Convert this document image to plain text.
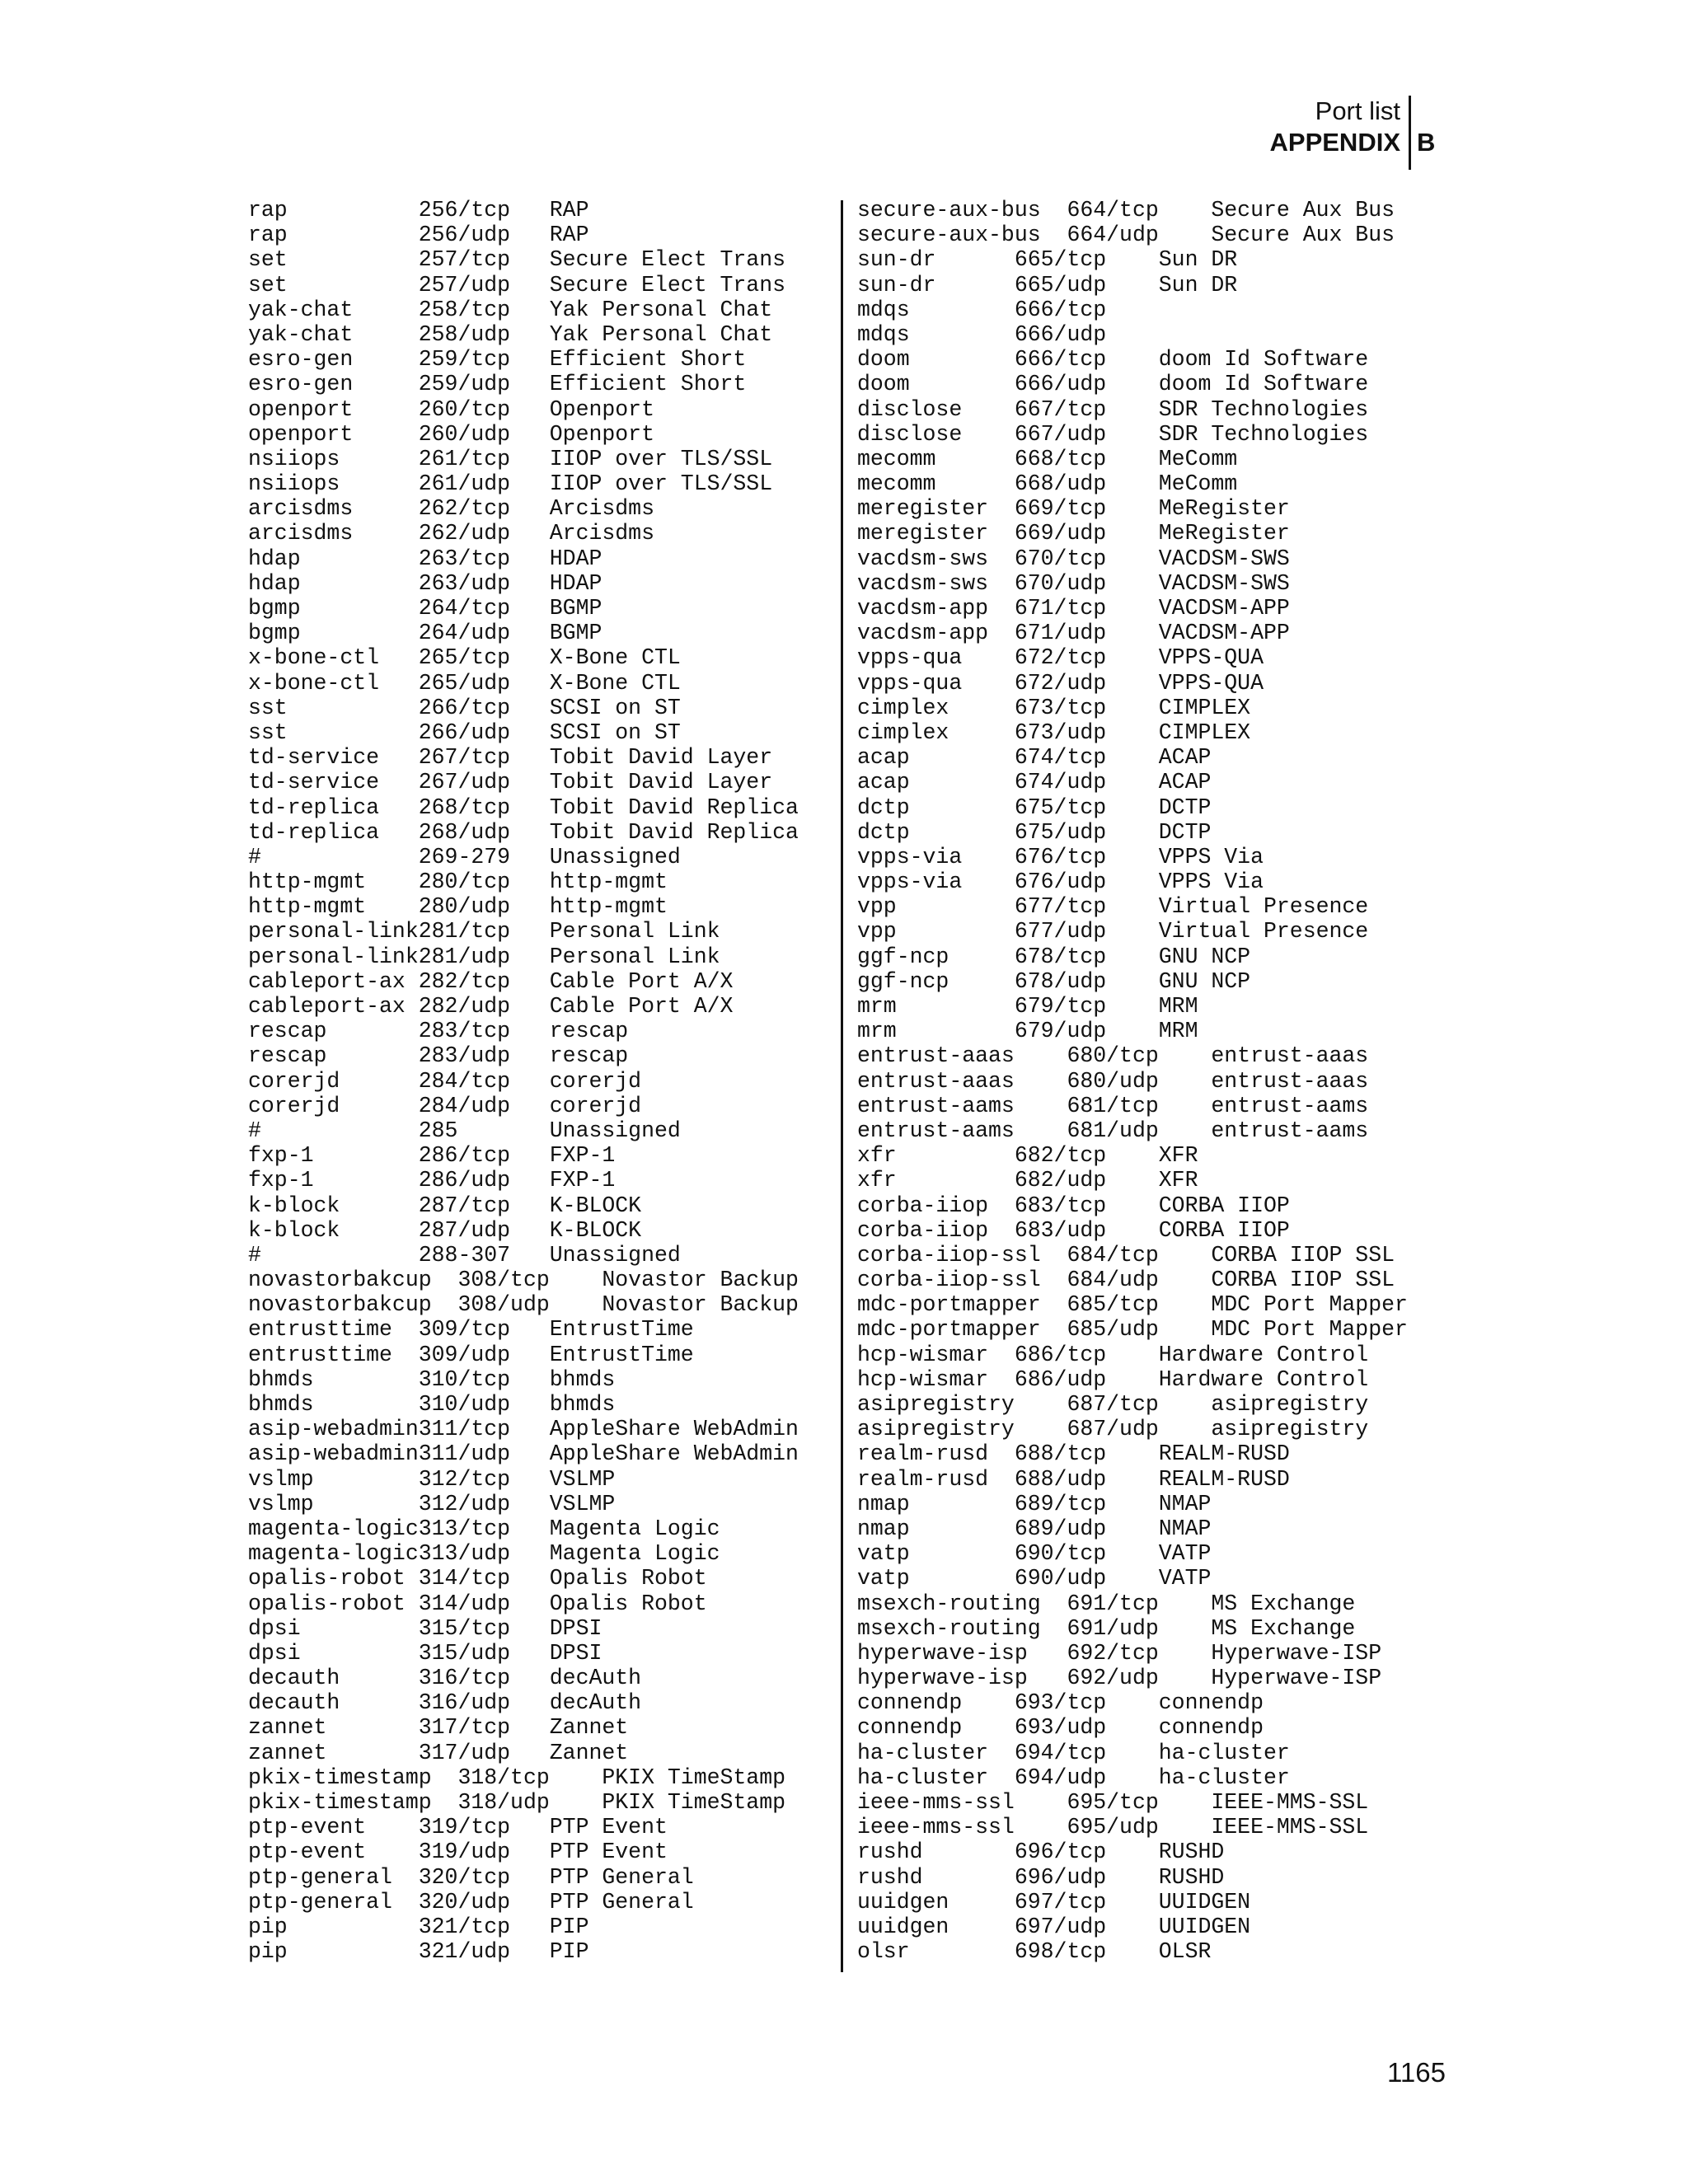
Port list
APPENDIX B
rap          256/tcp   RAP
rap          256/udp   RAP
set          257/tcp   Secure Elect Trans
set          257/udp   Secure Elect Trans
yak-chat     258/tcp   Yak Personal Chat
yak-chat     258/udp   Yak Personal Chat
esro-gen     259/tcp   Efficient Short
esro-gen     259/udp   Efficient Short
openport     260/tcp   Openport
openport     260/udp   Openport
nsiiops      261/tcp   IIOP over TLS/SSL
nsiiops      261/udp   IIOP over TLS/SSL
arcisdms     262/tcp   Arcisdms
arcisdms     262/udp   Arcisdms
hdap         263/tcp   HDAP
hdap         263/udp   HDAP
bgmp         264/tcp   BGMP
bgmp         264/udp   BGMP
x-bone-ctl   265/tcp   X-Bone CTL
x-bone-ctl   265/udp   X-Bone CTL
sst          266/tcp   SCSI on ST
sst          266/udp   SCSI on ST
td-service   267/tcp   Tobit David Layer
td-service   267/udp   Tobit David Layer
td-replica   268/tcp   Tobit David Replica
td-replica   268/udp   Tobit David Replica
#            269-279   Unassigned
http-mgmt    280/tcp   http-mgmt
http-mgmt    280/udp   http-mgmt
personal-link281/tcp   Personal Link
personal-link281/udp   Personal Link
cableport-ax 282/tcp   Cable Port A/X
cableport-ax 282/udp   Cable Port A/X
rescap       283/tcp   rescap
rescap       283/udp   rescap
corerjd      284/tcp   corerjd
corerjd      284/udp   corerjd
#            285       Unassigned
fxp-1        286/tcp   FXP-1
fxp-1        286/udp   FXP-1
k-block      287/tcp   K-BLOCK
k-block      287/udp   K-BLOCK
#            288-307   Unassigned
novastorbakcup  308/tcp    Novastor Backup
novastorbakcup  308/udp    Novastor Backup
entrusttime  309/tcp   EntrustTime
entrusttime  309/udp   EntrustTime
bhmds        310/tcp   bhmds
bhmds        310/udp   bhmds
asip-webadmin311/tcp   AppleShare WebAdmin
asip-webadmin311/udp   AppleShare WebAdmin
vslmp        312/tcp   VSLMP
vslmp        312/udp   VSLMP
magenta-logic313/tcp   Magenta Logic
magenta-logic313/udp   Magenta Logic
opalis-robot 314/tcp   Opalis Robot
opalis-robot 314/udp   Opalis Robot
dpsi         315/tcp   DPSI
dpsi         315/udp   DPSI
decauth      316/tcp   decAuth
decauth      316/udp   decAuth
zannet       317/tcp   Zannet
zannet       317/udp   Zannet
pkix-timestamp  318/tcp    PKIX TimeStamp
pkix-timestamp  318/udp    PKIX TimeStamp
ptp-event    319/tcp   PTP Event
ptp-event    319/udp   PTP Event
ptp-general  320/tcp   PTP General
ptp-general  320/udp   PTP General
pip          321/tcp   PIP
pip          321/udp   PIP
secure-aux-bus  664/tcp    Secure Aux Bus
secure-aux-bus  664/udp    Secure Aux Bus
sun-dr      665/tcp    Sun DR
sun-dr      665/udp    Sun DR
mdqs        666/tcp
mdqs        666/udp
doom        666/tcp    doom Id Software
doom        666/udp    doom Id Software
disclose    667/tcp    SDR Technologies
disclose    667/udp    SDR Technologies
mecomm      668/tcp    MeComm
mecomm      668/udp    MeComm
meregister  669/tcp    MeRegister
meregister  669/udp    MeRegister
vacdsm-sws  670/tcp    VACDSM-SWS
vacdsm-sws  670/udp    VACDSM-SWS
vacdsm-app  671/tcp    VACDSM-APP
vacdsm-app  671/udp    VACDSM-APP
vpps-qua    672/tcp    VPPS-QUA
vpps-qua    672/udp    VPPS-QUA
cimplex     673/tcp    CIMPLEX
cimplex     673/udp    CIMPLEX
acap        674/tcp    ACAP
acap        674/udp    ACAP
dctp        675/tcp    DCTP
dctp        675/udp    DCTP
vpps-via    676/tcp    VPPS Via
vpps-via    676/udp    VPPS Via
vpp         677/tcp    Virtual Presence
vpp         677/udp    Virtual Presence
ggf-ncp     678/tcp    GNU NCP
ggf-ncp     678/udp    GNU NCP
mrm         679/tcp    MRM
mrm         679/udp    MRM
entrust-aaas    680/tcp    entrust-aaas
entrust-aaas    680/udp    entrust-aaas
entrust-aams    681/tcp    entrust-aams
entrust-aams    681/udp    entrust-aams
xfr         682/tcp    XFR
xfr         682/udp    XFR
corba-iiop  683/tcp    CORBA IIOP
corba-iiop  683/udp    CORBA IIOP
corba-iiop-ssl  684/tcp    CORBA IIOP SSL
corba-iiop-ssl  684/udp    CORBA IIOP SSL
mdc-portmapper  685/tcp    MDC Port Mapper
mdc-portmapper  685/udp    MDC Port Mapper
hcp-wismar  686/tcp    Hardware Control
hcp-wismar  686/udp    Hardware Control
asipregistry    687/tcp    asipregistry
asipregistry    687/udp    asipregistry
realm-rusd  688/tcp    REALM-RUSD
realm-rusd  688/udp    REALM-RUSD
nmap        689/tcp    NMAP
nmap        689/udp    NMAP
vatp        690/tcp    VATP
vatp        690/udp    VATP
msexch-routing  691/tcp    MS Exchange
msexch-routing  691/udp    MS Exchange
hyperwave-isp   692/tcp    Hyperwave-ISP
hyperwave-isp   692/udp    Hyperwave-ISP
connendp    693/tcp    connendp
connendp    693/udp    connendp
ha-cluster  694/tcp    ha-cluster
ha-cluster  694/udp    ha-cluster
ieee-mms-ssl    695/tcp    IEEE-MMS-SSL
ieee-mms-ssl    695/udp    IEEE-MMS-SSL
rushd       696/tcp    RUSHD
rushd       696/udp    RUSHD
uuidgen     697/tcp    UUIDGEN
uuidgen     697/udp    UUIDGEN
olsr        698/tcp    OLSR
1165
